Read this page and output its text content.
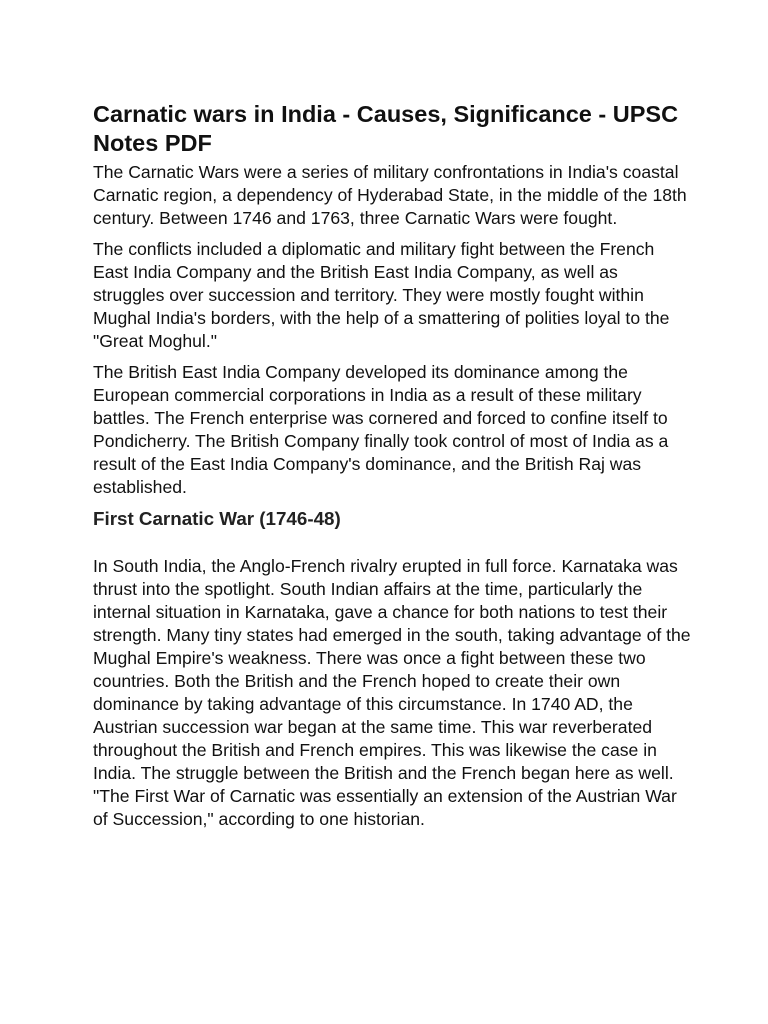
Carnatic wars in India - Causes, Significance - UPSC Notes PDF

The Carnatic Wars were a series of military confrontations in India's coastal Carnatic region, a dependency of Hyderabad State, in the middle of the 18th century. Between 1746 and 1763, three Carnatic Wars were fought.

The conflicts included a diplomatic and military fight between the French East India Company and the British East India Company, as well as struggles over succession and territory. They were mostly fought within Mughal India's borders, with the help of a smattering of polities loyal to the "Great Moghul."

The British East India Company developed its dominance among the European commercial corporations in India as a result of these military battles. The French enterprise was cornered and forced to confine itself to Pondicherry. The British Company finally took control of most of India as a result of the East India Company's dominance, and the British Raj was established.

First Carnatic War (1746-48)

In South India, the Anglo-French rivalry erupted in full force. Karnataka was thrust into the spotlight. South Indian affairs at the time, particularly the internal situation in Karnataka, gave a chance for both nations to test their strength. Many tiny states had emerged in the south, taking advantage of the Mughal Empire's weakness. There was once a fight between these two countries. Both the British and the French hoped to create their own dominance by taking advantage of this circumstance. In 1740 AD, the Austrian succession war began at the same time. This war reverberated throughout the British and French empires. This was likewise the case in India. The struggle between the British and the French began here as well. "The First War of Carnatic was essentially an extension of the Austrian War of Succession," according to one historian.
